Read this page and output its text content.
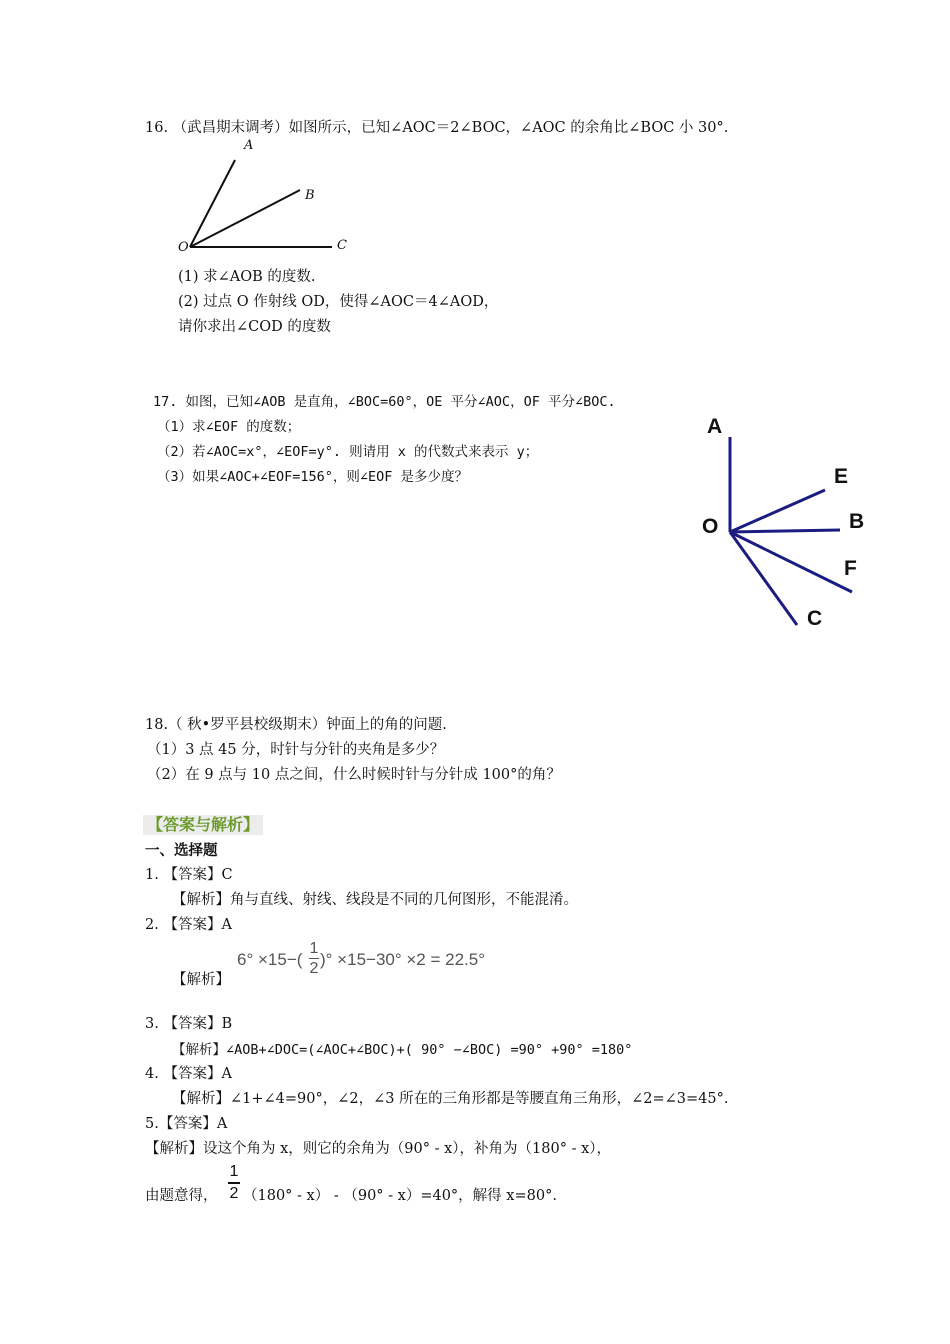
16. （武昌期末调考）如图所示，已知∠AOC＝2∠BOC，∠AOC 的余角比∠BOC 小 30°.
A
B
O	C
(1) 求∠AOB 的度数.
(2) 过点 O 作射线 OD，使得∠AOC＝4∠AOD，
请你求出∠COD 的度数
17. 如图，已知∠AOB 是直角，∠BOC=60°，OE 平分∠AOC，OF 平分∠BOC.
（1）求∠EOF 的度数；
（2）若∠AOC=x°，∠EOF=y°. 则请用 x 的代数式来表示 y；
（3）如果∠AOC+∠EOF=156°，则∠EOF 是多少度？
A
E
O	B
F
C
18.（ 秋•罗平县校级期末）钟面上的角的问题.
（1）3 点 45 分，时针与分针的夹角是多少？
（2）在 9 点与 10 点之间，什么时候时针与分针成 100°的角？
【答案与解析】
一、选择题
1. 【答案】C
【解析】角与直线、射线、线段是不同的几何图形，不能混淆。
2. 【答案】A
【解析】
$6^\circ \times 15-( \frac{1}{2}$ )° ×15−30° ×2 = 22.5°
3. 【答案】B
【解析】∠AOB+∠DOC=(∠AOC+∠BOC)+( 90° −∠BOC) =90° +90° =180°
4. 【答案】A
【解析】∠1+∠4=90°，∠2，∠3 所在的三角形都是等腰直角三角形，∠2=∠3=45°.
5.【答案】A
【解析】设这个角为 x，则它的余角为（90° - x），补角为（180° - x），
由题意得， $\frac{1}{2} (180^\circ - x) - (90^\circ - x)=40^\circ$，解得 x=80°.
